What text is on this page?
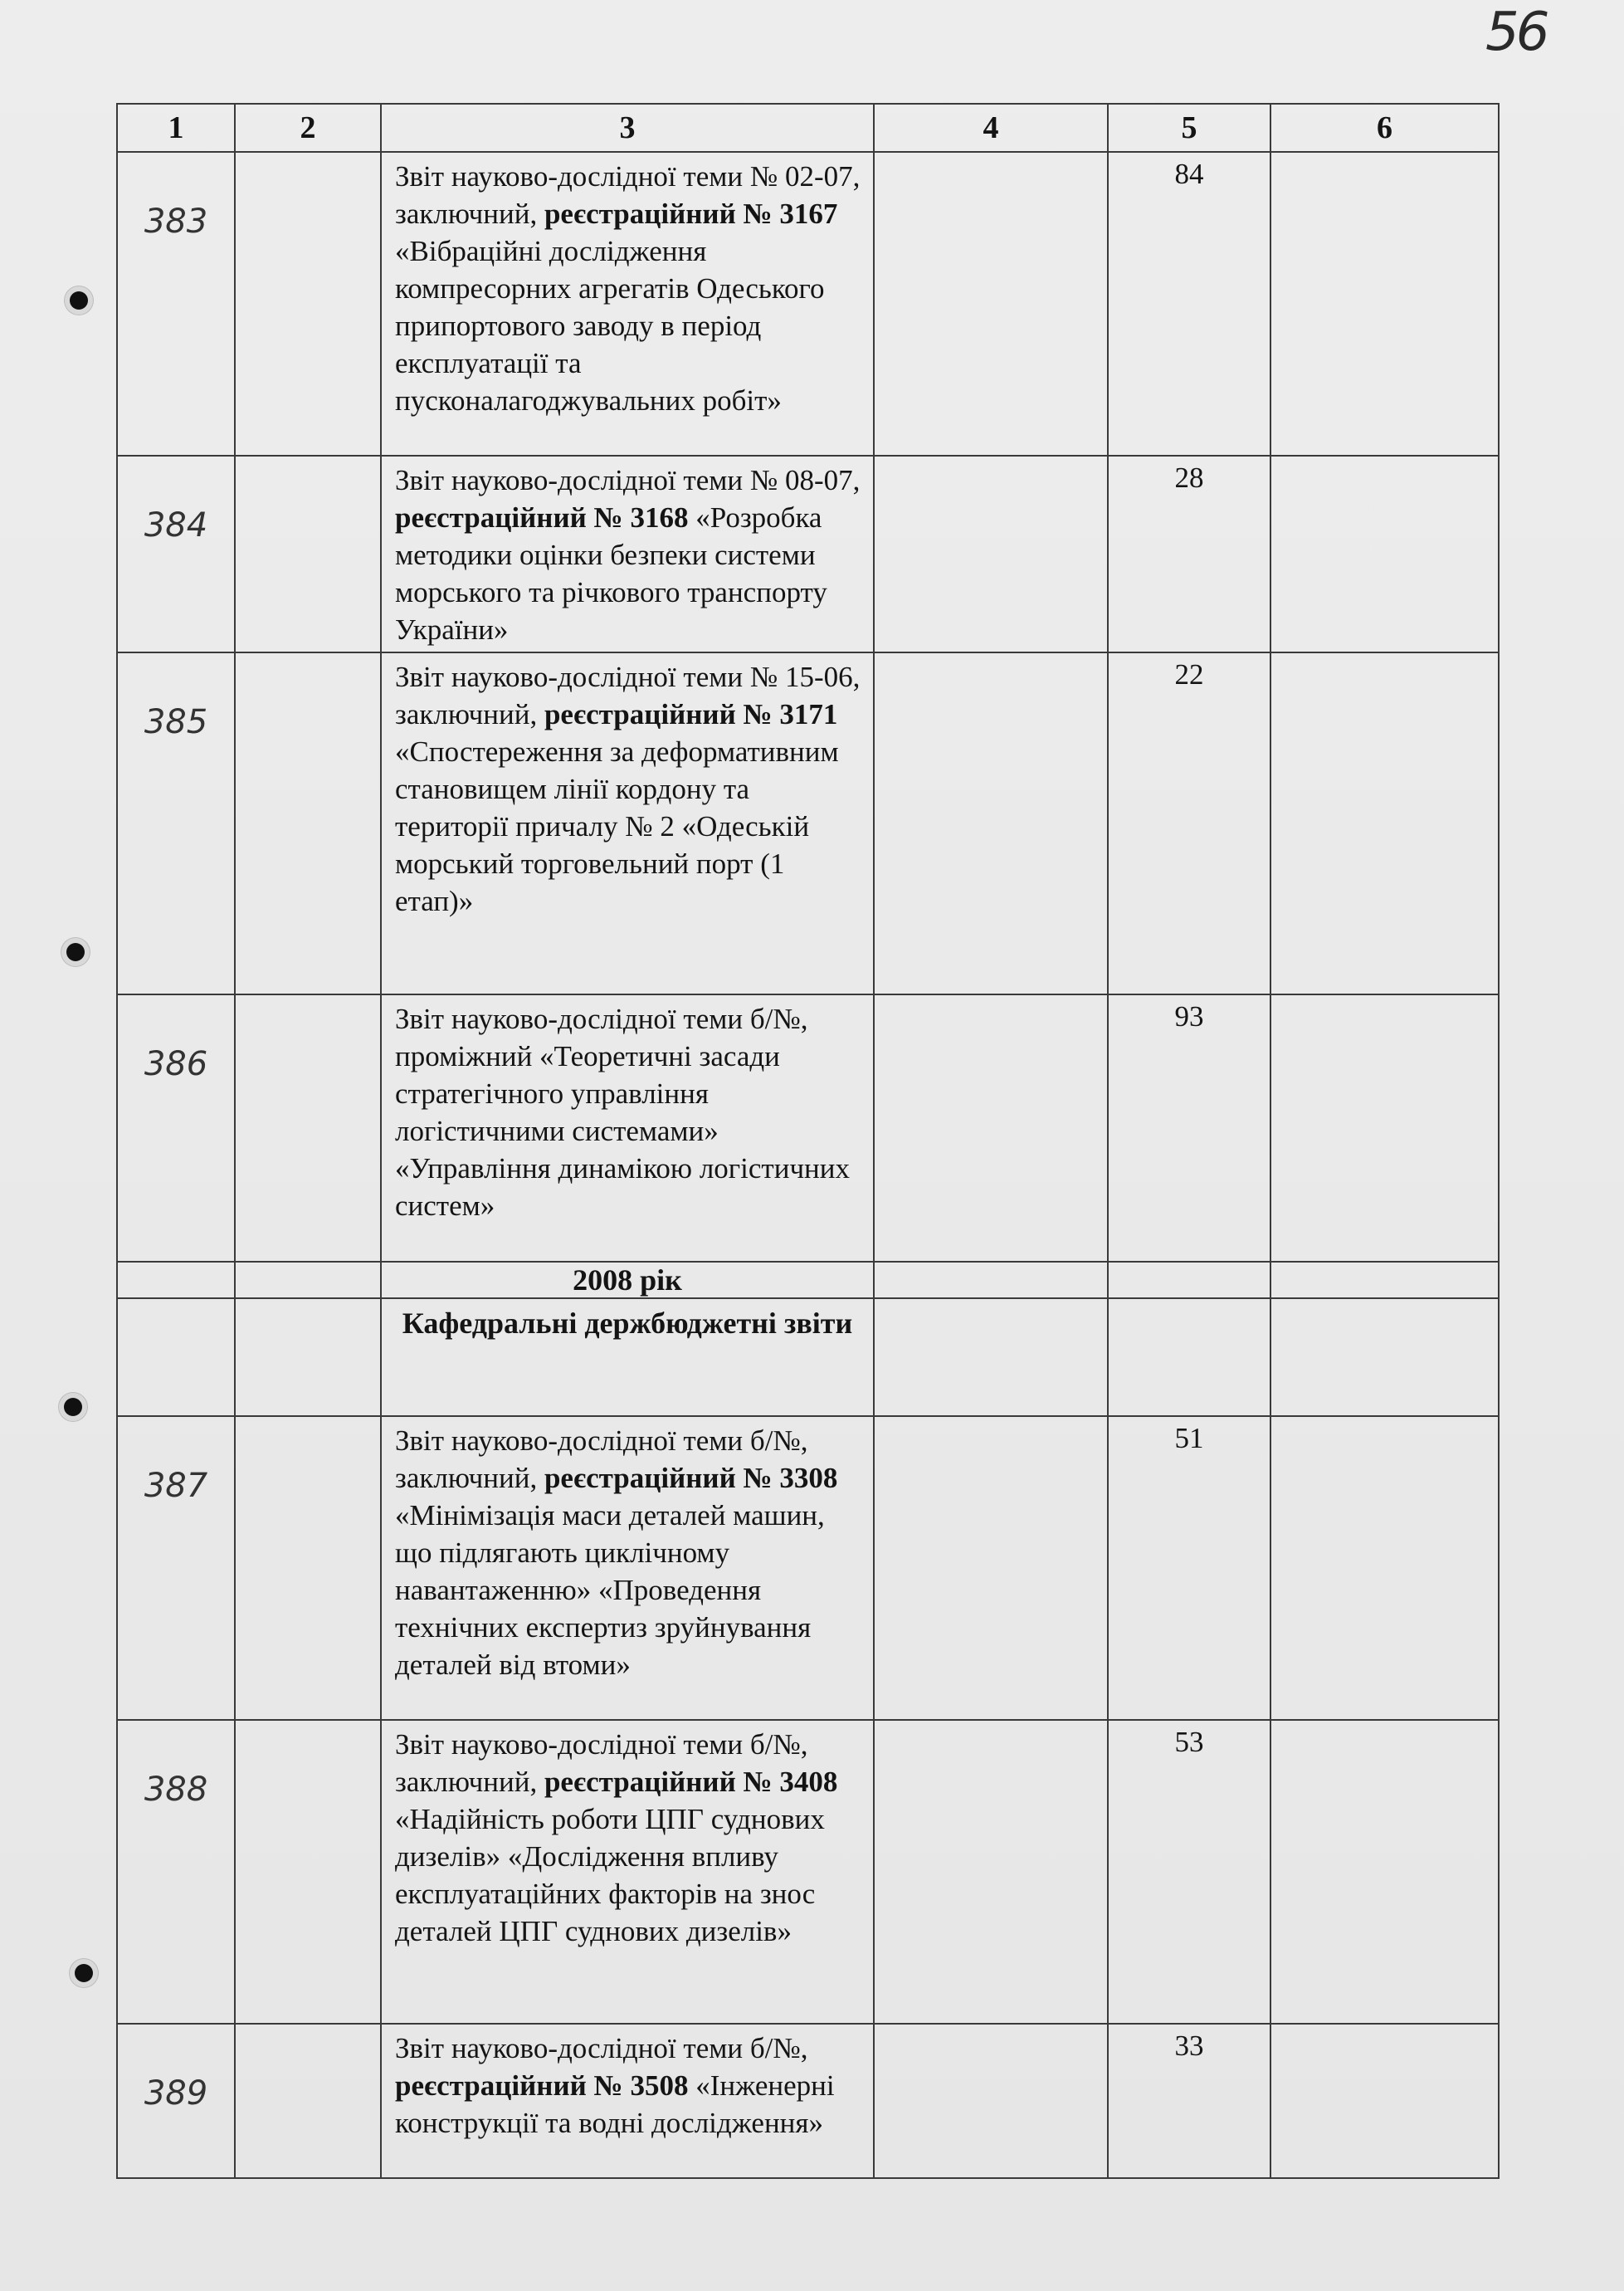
56
1	2	3	4	5	6
383		Звіт науково-дослідної теми № 02-07, заключний, реєстраційний № 3167 «Вібраційні дослідження компресорних агрегатів Одеського припортового заводу в період експлуатації та пусконалагоджувальних робіт»		84	
384		Звіт науково-дослідної теми № 08-07, реєстраційний № 3168 «Розробка методики оцінки безпеки системи морського та річкового транспорту України»		28	
385		Звіт науково-дослідної теми № 15-06, заключний, реєстраційний № 3171 «Спостереження за деформативним становищем лінії кордону та території причалу № 2 «Одеській морський торговельний порт (1 етап)»		22	
386		Звіт науково-дослідної теми б/№, проміжний «Теоретичні засади стратегічного управління логістичними системами» «Управління динамікою логістичних систем»		93	
		2008 рік			
		Кафедральні держбюджетні звіти			
387		Звіт науково-дослідної теми б/№, заключний, реєстраційний № 3308 «Мінімізація маси деталей машин, що підлягають циклічному навантаженню» «Проведення технічних експертиз зруйнування деталей від втоми»		51	
388		Звіт науково-дослідної теми б/№, заключний, реєстраційний № 3408 «Надійність роботи ЦПГ суднових дизелів» «Дослідження впливу експлуатаційних факторів на знос деталей ЦПГ суднових дизелів»		53	
389		Звіт науково-дослідної теми б/№, реєстраційний № 3508 «Інженерні конструкції та водні дослідження»		33	
